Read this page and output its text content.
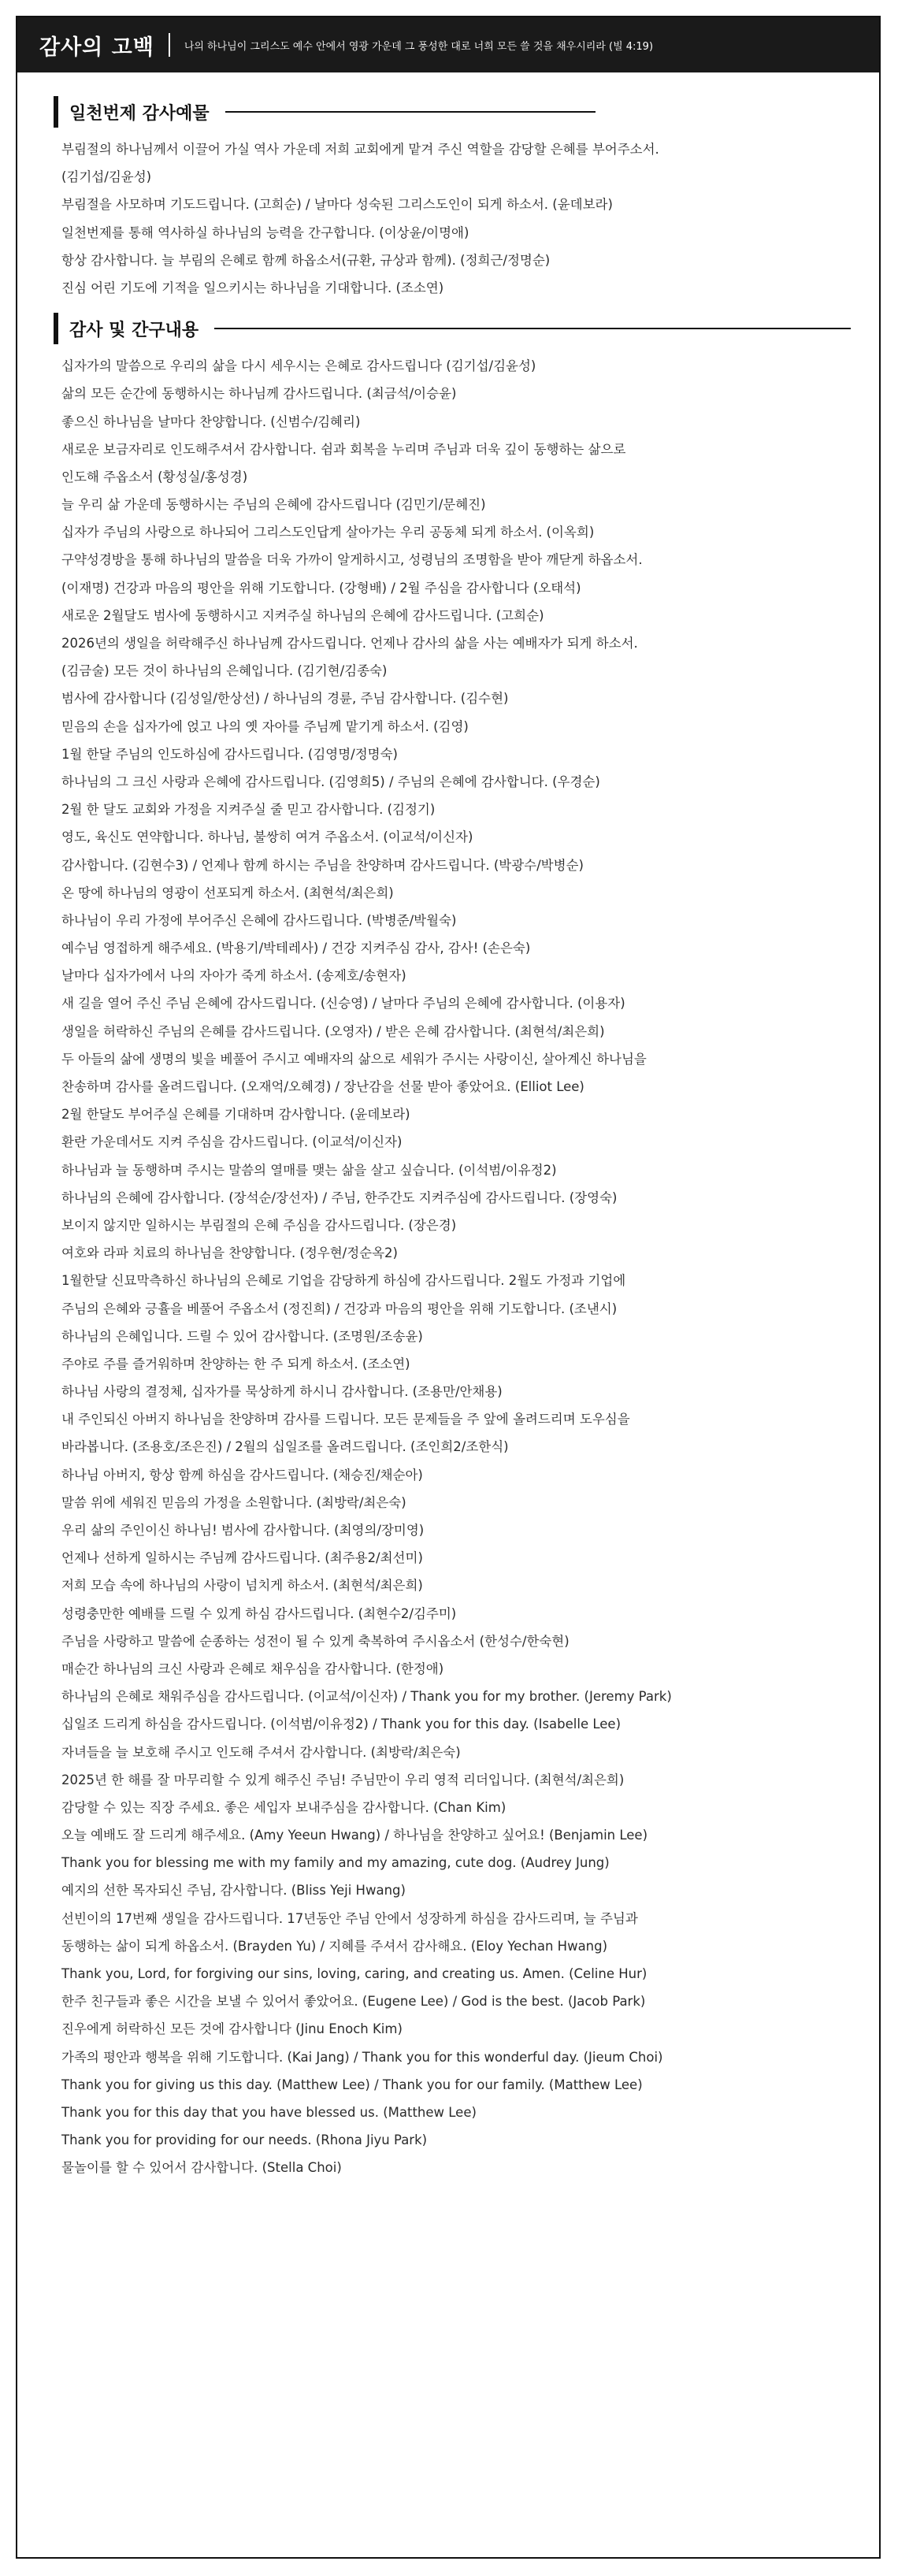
감사의 고백	나의 하나님이 그리스도 예수 안에서 영광 가운데 그 풍성한 대로 너희 모든 쓸 것을 채우시리라 (빌 4:19)
일천번제 감사예물
부림절의 하나님께서 이끌어 가실 역사 가운데 저희 교회에게 맡겨 주신 역할을 감당할 은혜를 부어주소서.
(김기섭/김윤성)
부림절을 사모하며 기도드립니다. (고희순) / 날마다 성숙된 그리스도인이 되게 하소서. (윤데보라)
일천번제를 통해 역사하실 하나님의 능력을 간구합니다. (이상윤/이명애)
항상 감사합니다. 늘 부림의 은혜로 함께 하옵소서(규환, 규상과 함께). (정희근/정명순)
진심 어린 기도에 기적을 일으키시는 하나님을 기대합니다. (조소연)
감사 및 간구내용
십자가의 말씀으로 우리의 삶을 다시 세우시는 은혜로 감사드립니다 (김기섭/김윤성)
삶의 모든 순간에 동행하시는 하나님께 감사드립니다. (최금석/이승윤)
좋으신 하나님을 날마다 찬양합니다. (신범수/김혜리)
새로운 보금자리로 인도해주셔서 감사합니다. 쉼과 회복을 누리며 주님과 더욱 깊이 동행하는 삶으로
인도해 주옵소서 (황성실/홍성경)
늘 우리 삶 가운데 동행하시는 주님의 은혜에 감사드립니다 (김민기/문혜진)
십자가 주님의 사랑으로 하나되어 그리스도인답게 살아가는 우리 공동체 되게 하소서. (이옥희)
구약성경방을 통해 하나님의 말씀을 더욱 가까이 알게하시고, 성령님의 조명함을 받아 깨닫게 하옵소서.
(이재명) 건강과 마음의 평안을 위해 기도합니다. (강형배) / 2월 주심을 감사합니다 (오태석)
새로운 2월달도 범사에 동행하시고 지켜주실 하나님의 은혜에 감사드립니다. (고희순)
2026년의 생일을 허락해주신 하나님께 감사드립니다. 언제나 감사의 삶을 사는 예배자가 되게 하소서.
(김금술) 모든 것이 하나님의 은혜입니다. (김기현/김종숙)
범사에 감사합니다 (김성일/한상선) / 하나님의 경륜, 주님 감사합니다. (김수현)
믿음의 손을 십자가에 얹고 나의 옛 자아를 주님께 맡기게 하소서. (김영)
1월 한달 주님의 인도하심에 감사드립니다. (김영명/정명숙)
하나님의 그 크신 사랑과 은혜에 감사드립니다. (김영희5) / 주님의 은혜에 감사합니다. (우경순)
2월 한 달도 교회와 가정을 지켜주실 줄 믿고 감사합니다. (김정기)
영도, 육신도 연약합니다. 하나님, 불쌍히 여겨 주옵소서. (이교석/이신자)
감사합니다. (김현수3) / 언제나 함께 하시는 주님을 찬양하며 감사드립니다. (박광수/박병순)
온 땅에 하나님의 영광이 선포되게 하소서. (최현석/최은희)
하나님이 우리 가정에 부어주신 은혜에 감사드립니다. (박병준/박월숙)
예수님 영접하게 해주세요. (박용기/박테레사) / 건강 지켜주심 감사, 감사! (손은숙)
날마다 십자가에서 나의 자아가 죽게 하소서. (송제호/송현자)
새 길을 열어 주신 주님 은혜에 감사드립니다. (신승영) / 날마다 주님의 은혜에 감사합니다. (이용자)
생일을 허락하신 주님의 은혜를 감사드립니다. (오영자) / 받은 은혜 감사합니다. (최현석/최은희)
두 아들의 삶에 생명의 빛을 베풀어 주시고 예배자의 삶으로 세워가 주시는 사랑이신, 살아계신 하나님을
찬송하며 감사를 올려드립니다. (오재억/오혜경) / 장난감을 선물 받아 좋았어요. (Elliot Lee)
2월 한달도 부어주실 은혜를 기대하며 감사합니다. (윤데보라)
환란 가운데서도 지켜 주심을 감사드립니다. (이교석/이신자)
하나님과 늘 동행하며 주시는 말씀의 열매를 맺는 삶을 살고 싶습니다. (이석범/이유정2)
하나님의 은혜에 감사합니다. (장석순/장선자) / 주님, 한주간도 지켜주심에 감사드립니다. (장영숙)
보이지 않지만 일하시는 부림절의 은혜 주심을 감사드립니다. (장은경)
여호와 라파 치료의 하나님을 찬양합니다. (정우현/정순옥2)
1월한달 신묘막측하신 하나님의 은혜로 기업을 감당하게 하심에 감사드립니다. 2월도 가정과 기업에
주님의 은혜와 긍휼을 베풀어 주옵소서 (정진희) / 건강과 마음의 평안을 위해 기도합니다. (조낸시)
하나님의 은혜입니다. 드릴 수 있어 감사합니다. (조명원/조송윤)
주야로 주를 즐거워하며 찬양하는 한 주 되게 하소서. (조소연)
하나님 사랑의 결정체, 십자가를 묵상하게 하시니 감사합니다. (조용만/안채용)
내 주인되신 아버지 하나님을 찬양하며 감사를 드립니다. 모든 문제들을 주 앞에 올려드리며 도우심을
바라봅니다. (조용호/조은진) / 2월의 십일조를 올려드립니다. (조인희2/조한식)
하나님 아버지, 항상 함께 하심을 감사드립니다. (채승진/채순아)
말씀 위에 세워진 믿음의 가정을 소원합니다. (최방락/최은숙)
우리 삶의 주인이신 하나님! 범사에 감사합니다. (최영의/장미영)
언제나 선하게 일하시는 주님께 감사드립니다. (최주용2/최선미)
저희 모습 속에 하나님의 사랑이 넘치게 하소서. (최현석/최은희)
성령충만한 예배를 드릴 수 있게 하심 감사드립니다. (최현수2/김주미)
주님을 사랑하고 말씀에 순종하는 성전이 될 수 있게 축복하여 주시옵소서 (한성수/한숙현)
매순간 하나님의 크신 사랑과 은혜로 채우심을 감사합니다. (한정애)
하나님의 은혜로 채워주심을 감사드립니다. (이교석/이신자) / Thank you for my brother. (Jeremy Park)
십일조 드리게 하심을 감사드립니다. (이석범/이유정2) / Thank you for this day. (Isabelle Lee)
자녀들을 늘 보호해 주시고 인도해 주셔서 감사합니다. (최방락/최은숙)
2025년 한 해를 잘 마무리할 수 있게 해주신 주님! 주님만이 우리 영적 리더입니다. (최현석/최은희)
감당할 수 있는 직장 주세요. 좋은 세입자 보내주심을 감사합니다. (Chan Kim)
오늘 예배도 잘 드리게 해주세요. (Amy Yeeun Hwang) / 하나님을 찬양하고 싶어요! (Benjamin Lee)
Thank you for blessing me with my family and my amazing, cute dog. (Audrey Jung)
예지의 선한 목자되신 주님, 감사합니다. (Bliss Yeji Hwang)
선빈이의 17번째 생일을 감사드립니다. 17년동안 주님 안에서 성장하게 하심을 감사드리며, 늘 주님과
동행하는 삶이 되게 하옵소서. (Brayden Yu) / 지혜를 주셔서 감사해요. (Eloy Yechan Hwang)
Thank you, Lord, for forgiving our sins, loving, caring, and creating us. Amen. (Celine Hur)
한주 친구들과 좋은 시간을 보낼 수 있어서 좋았어요. (Eugene Lee) / God is the best. (Jacob Park)
진우에게 허락하신 모든 것에 감사합니다 (Jinu Enoch Kim)
가족의 평안과 행복을 위해 기도합니다. (Kai Jang) / Thank you for this wonderful day. (Jieum Choi)
Thank you for giving us this day. (Matthew Lee) / Thank you for our family. (Matthew Lee)
Thank you for this day that you have blessed us. (Matthew Lee)
Thank you for providing for our needs. (Rhona Jiyu Park)
물놀이를 할 수 있어서 감사합니다. (Stella Choi)
